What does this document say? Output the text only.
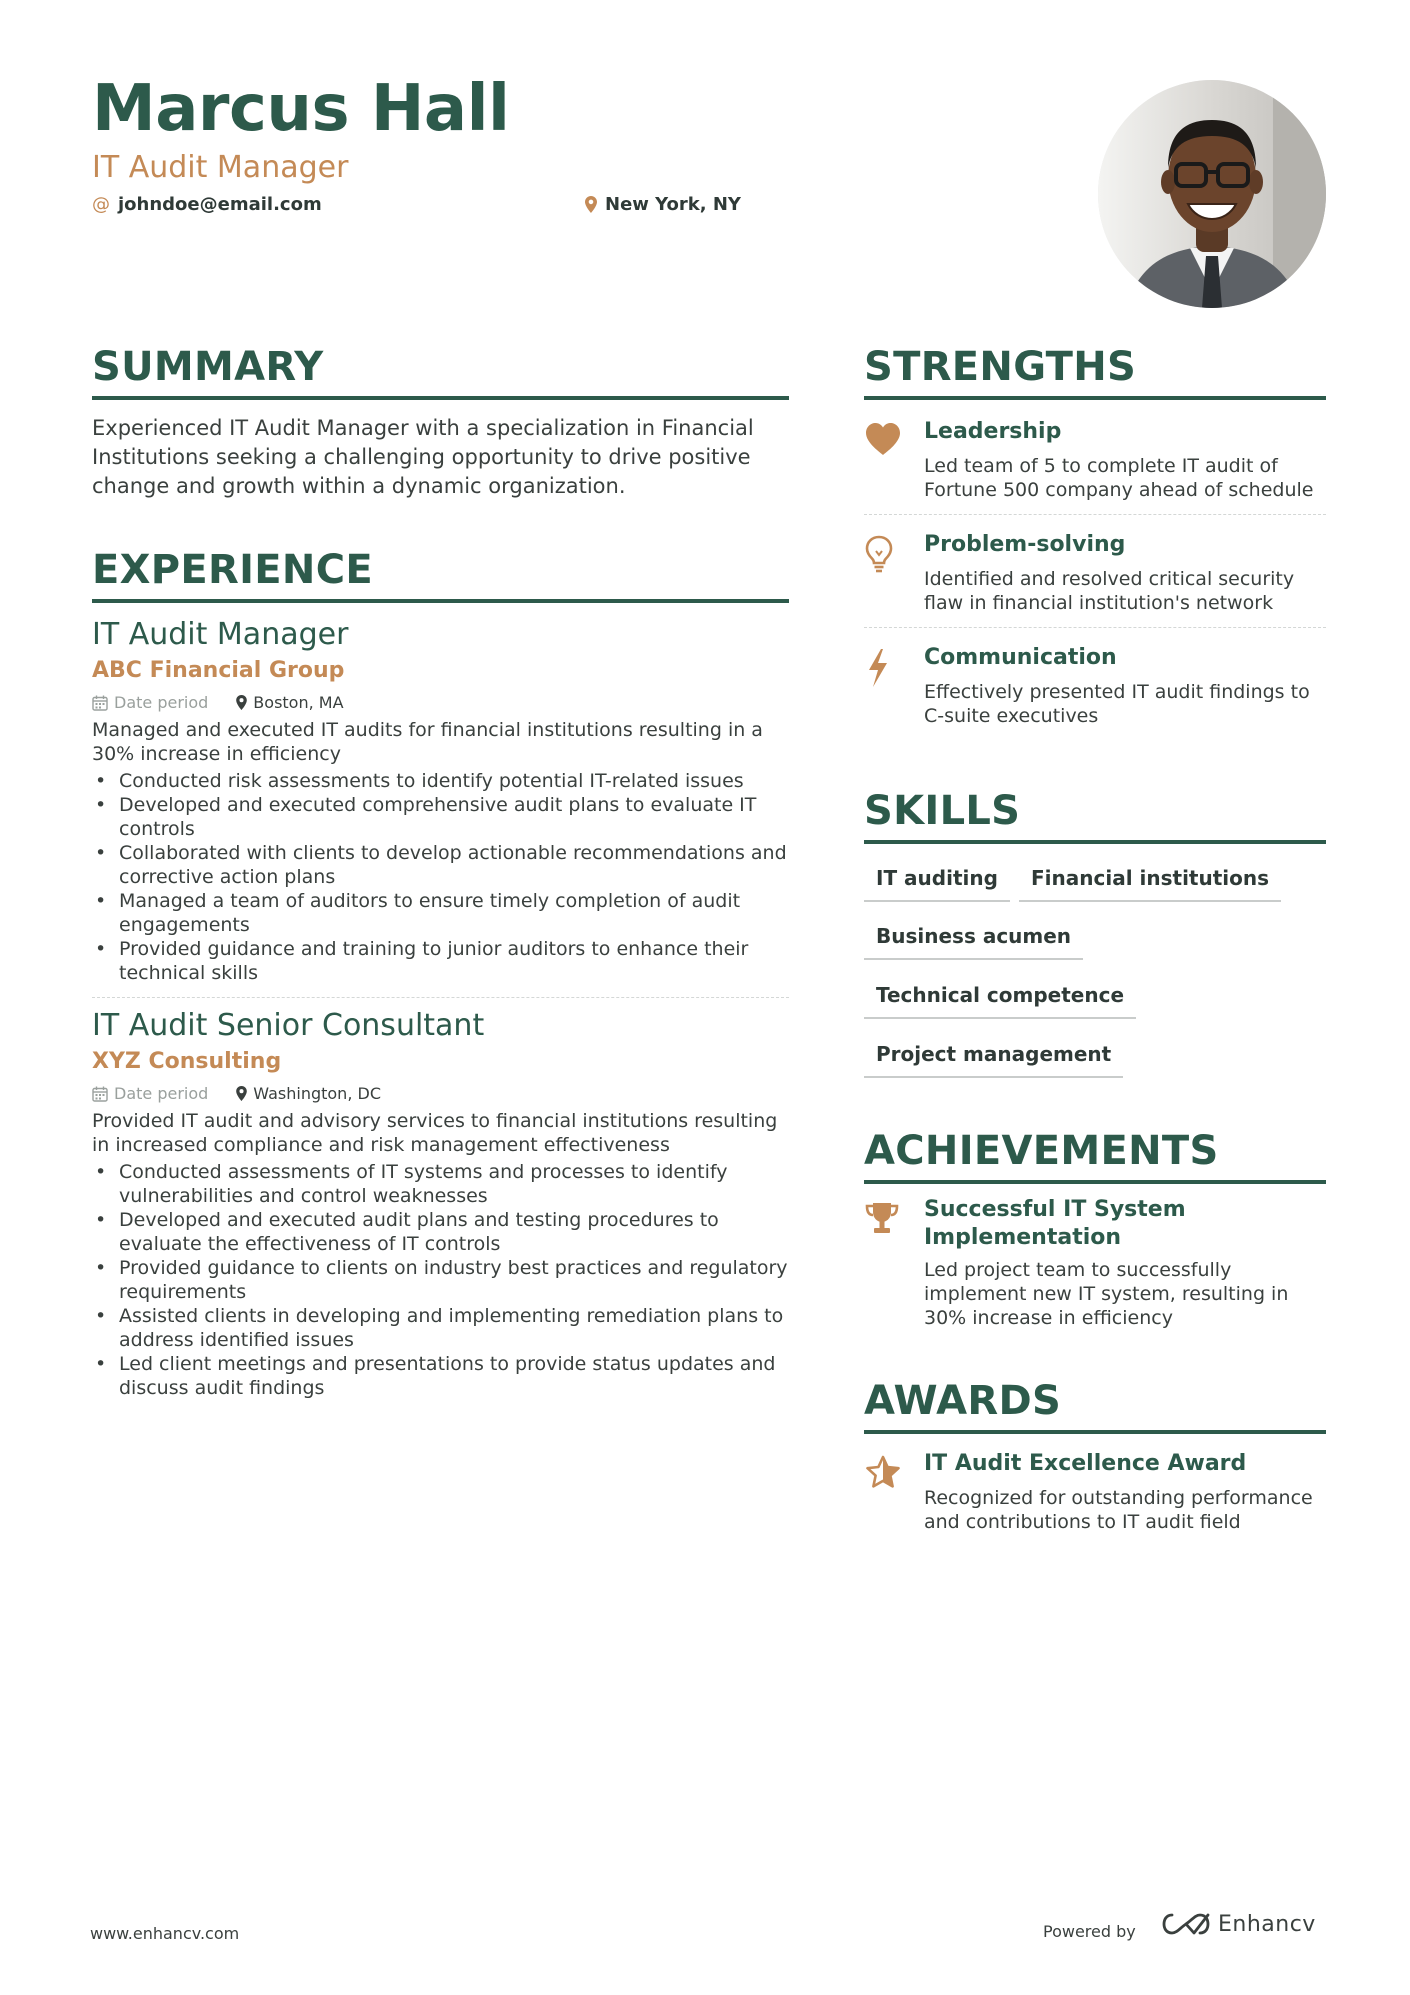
Marcus Hall
IT Audit Manager
@ johndoe@email.com	New York, NY
SUMMARY
Experienced IT Audit Manager with a specialization in Financial Institutions seeking a challenging opportunity to drive positive change and growth within a dynamic organization.
EXPERIENCE
IT Audit Manager
ABC Financial Group
Date period	Boston, MA
Managed and executed IT audits for financial institutions resulting in a 30% increase in efficiency
• Conducted risk assessments to identify potential IT-related issues
• Developed and executed comprehensive audit plans to evaluate IT controls
• Collaborated with clients to develop actionable recommendations and corrective action plans
• Managed a team of auditors to ensure timely completion of audit engagements
• Provided guidance and training to junior auditors to enhance their technical skills
IT Audit Senior Consultant
XYZ Consulting
Date period	Washington, DC
Provided IT audit and advisory services to financial institutions resulting in increased compliance and risk management effectiveness
• Conducted assessments of IT systems and processes to identify vulnerabilities and control weaknesses
• Developed and executed audit plans and testing procedures to evaluate the effectiveness of IT controls
• Provided guidance to clients on industry best practices and regulatory requirements
• Assisted clients in developing and implementing remediation plans to address identified issues
• Led client meetings and presentations to provide status updates and discuss audit findings
STRENGTHS
Leadership
Led team of 5 to complete IT audit of Fortune 500 company ahead of schedule
Problem-solving
Identified and resolved critical security flaw in financial institution's network
Communication
Effectively presented IT audit findings to C-suite executives
SKILLS
IT auditing	Financial institutions
Business acumen
Technical competence
Project management
ACHIEVEMENTS
Successful IT System Implementation
Led project team to successfully implement new IT system, resulting in 30% increase in efficiency
AWARDS
IT Audit Excellence Award
Recognized for outstanding performance and contributions to IT audit field
www.enhancv.com	Powered by	Enhancv
